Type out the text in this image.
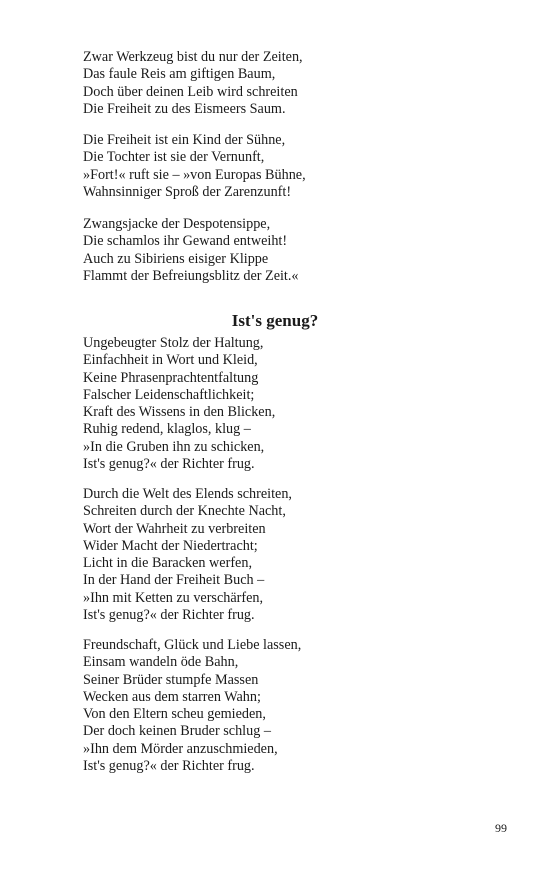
Zwar Werkzeug bist du nur der Zeiten,
Das faule Reis am giftigen Baum,
Doch über deinen Leib wird schreiten
Die Freiheit zu des Eismeers Saum.
Die Freiheit ist ein Kind der Sühne,
Die Tochter ist sie der Vernunft,
»Fort!« ruft sie – »von Europas Bühne,
Wahnsinniger Sproß der Zarenzunft!
Zwangsjacke der Despotensippe,
Die schamlos ihr Gewand entweiht!
Auch zu Sibiriens eisiger Klippe
Flammt der Befreiungsblitz der Zeit.«
Ist's genug?
Ungebeugter Stolz der Haltung,
Einfachheit in Wort und Kleid,
Keine Phrasenprachtentfaltung
Falscher Leidenschaftlichkeit;
Kraft des Wissens in den Blicken,
Ruhig redend, klaglos, klug –
»In die Gruben ihn zu schicken,
Ist's genug?« der Richter frug.
Durch die Welt des Elends schreiten,
Schreiten durch der Knechte Nacht,
Wort der Wahrheit zu verbreiten
Wider Macht der Niedertracht;
Licht in die Baracken werfen,
In der Hand der Freiheit Buch –
»Ihn mit Ketten zu verschärfen,
Ist's genug?« der Richter frug.
Freundschaft, Glück und Liebe lassen,
Einsam wandeln öde Bahn,
Seiner Brüder stumpfe Massen
Wecken aus dem starren Wahn;
Von den Eltern scheu gemieden,
Der doch keinen Bruder schlug –
»Ihn dem Mörder anzuschmieden,
Ist's genug?« der Richter frug.
99
